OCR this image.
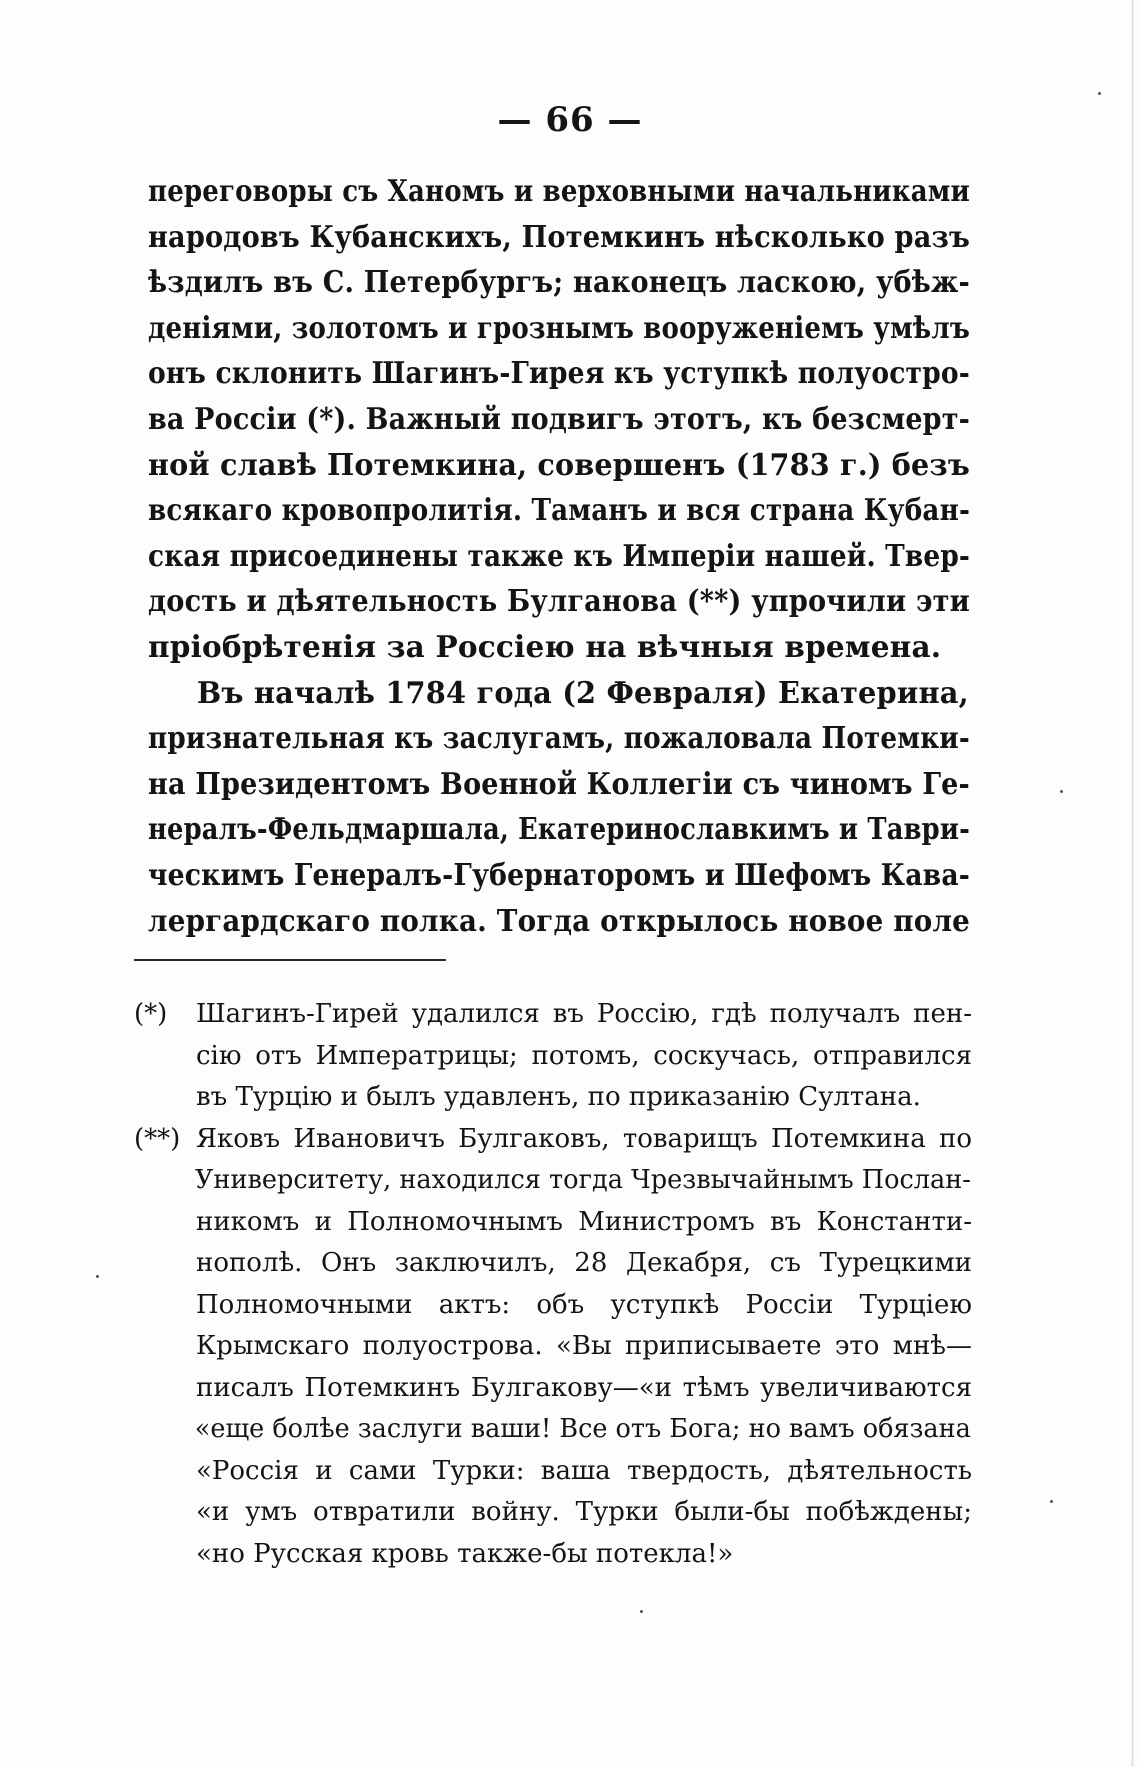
— 66 —
переговоры съ Ханомъ и верховными начальниками
народовъ Кубанскихъ, Потемкинъ нѣсколько разъ
ѣздилъ въ С. Петербургъ; наконецъ ласкою, убѣж-
деніями, золотомъ и грознымъ вооруженіемъ умѣлъ
онъ склонить Шагинъ-Гирея къ уступкѣ полуостро-
ва Россіи (*). Важный подвигъ этотъ, къ безсмерт-
ной славѣ Потемкина, совершенъ (1783 г.) безъ
всякаго кровопролитія. Таманъ и вся страна Кубан-
ская присоединены также къ Имперіи нашей. Твер-
дость и дѣятельность Булганова (**) упрочили эти
пріобрѣтенія за Россіею на вѣчныя времена.
Въ началѣ 1784 года (2 Февраля) Екатерина,
признательная къ заслугамъ, пожаловала Потемки-
на Президентомъ Военной Коллегіи съ чиномъ Ге-
нералъ-Фельдмаршала, Екатеринославкимъ и Таври-
ческимъ Генералъ-Губернаторомъ и Шефомъ Кава-
лергардскаго полка. Тогда открылось новое поле
(*)	Шагинъ-Гирей удалился въ Россію, гдѣ получалъ пен-
сію отъ Императрицы; потомъ, соскучась, отправился
въ Турцію и былъ удавленъ, по приказанію Султана.
(**) Яковъ Ивановичъ Булгаковъ, товарищъ Потемкина по
Университету, находился тогда Чрезвычайнымъ Послан-
никомъ и Полномочнымъ Министромъ въ Константи-
нополѣ. Онъ заключилъ, 28 Декабря, съ Турецкими
Полномочными актъ: объ уступкѣ Россіи Турціею
Крымскаго полуострова. «Вы приписываете это мнѣ—
писалъ Потемкинъ Булгакову—«и тѣмъ увеличиваются
«еще болѣе заслуги ваши! Все отъ Бога; но вамъ обязана
«Россія и сами Турки: ваша твердость, дѣятельность
«и умъ отвратили войну. Турки были-бы побѣждены;
«но Русская кровь также-бы потекла!»
